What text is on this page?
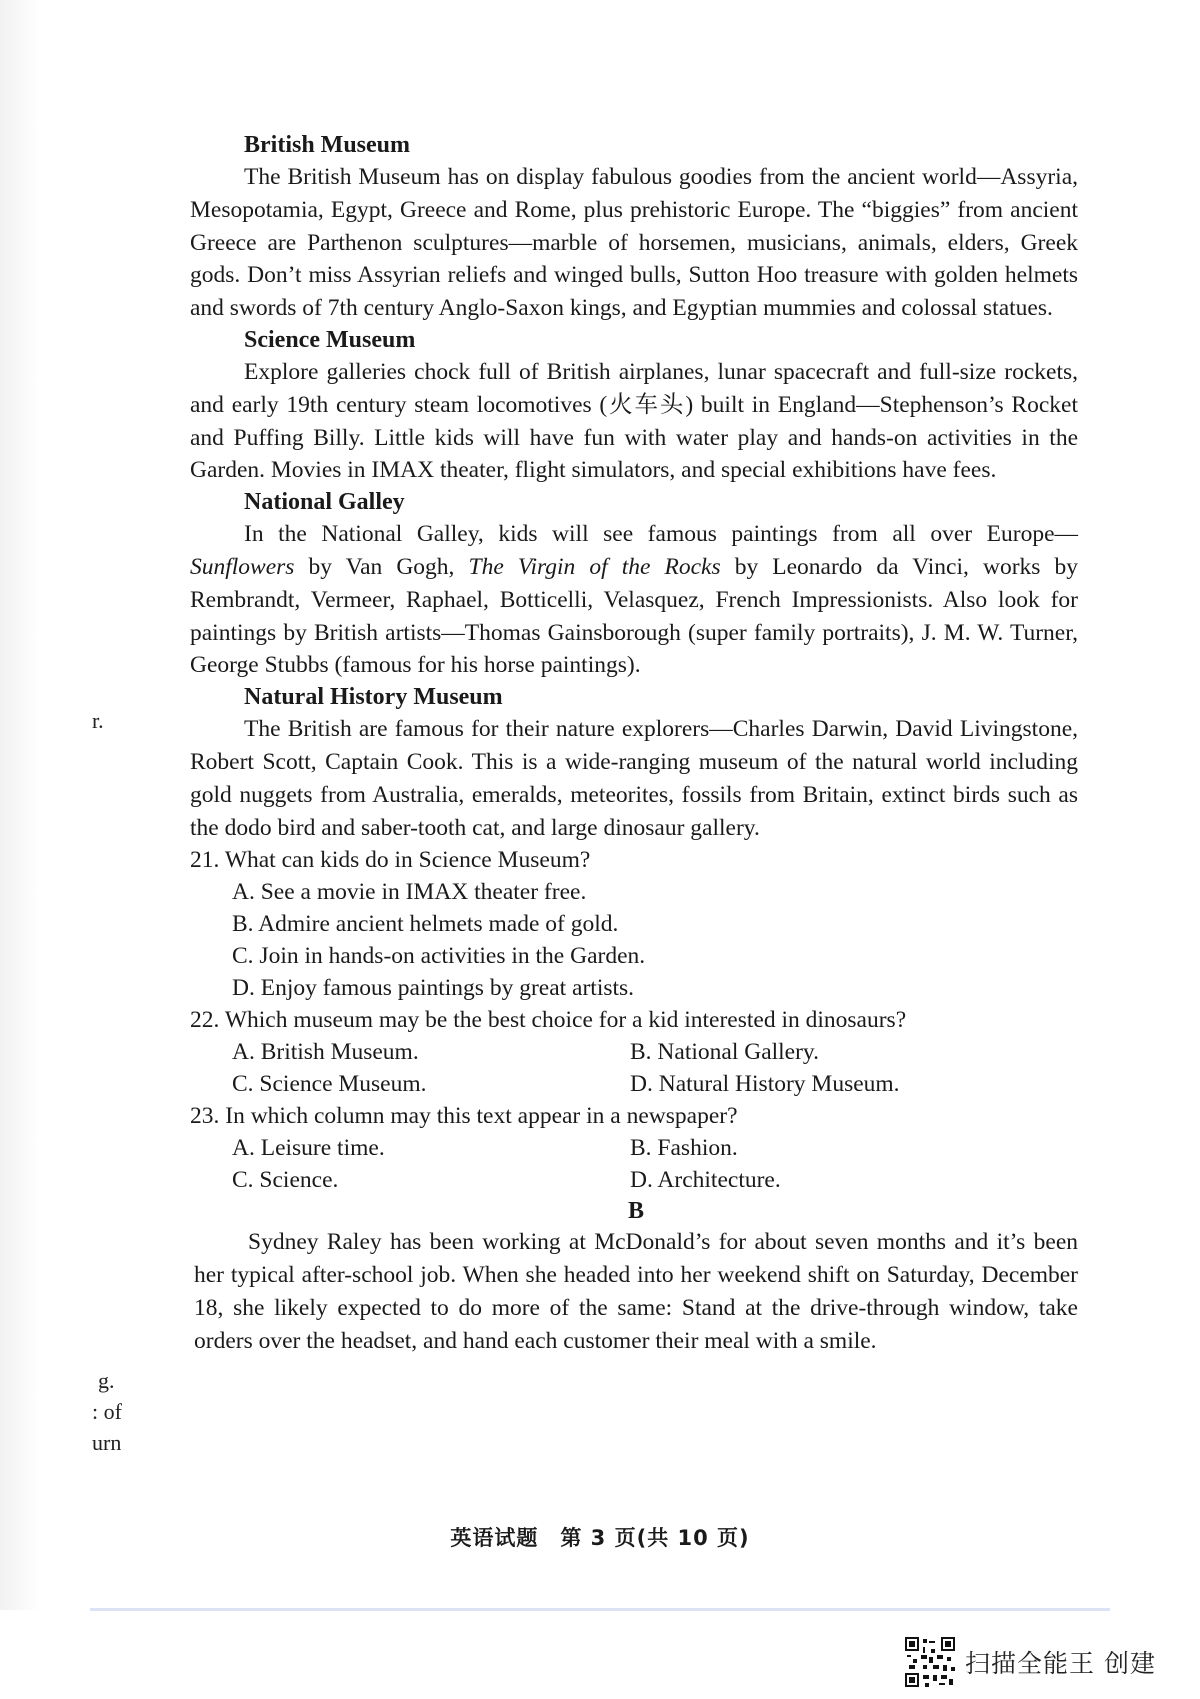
British Museum

The British Museum has on display fabulous goodies from the ancient world—Assyria, Mesopotamia, Egypt, Greece and Rome, plus prehistoric Europe. The “biggies” from ancient Greece are Parthenon sculptures—marble of horsemen, musicians, animals, elders, Greek gods. Don’t miss Assyrian reliefs and winged bulls, Sutton Hoo treasure with golden helmets and swords of 7th century Anglo-Saxon kings, and Egyptian mummies and colossal statues.

Science Museum

Explore galleries chock full of British airplanes, lunar spacecraft and full-size rockets, and early 19th century steam locomotives (火车头) built in England—Stephenson’s Rocket and Puffing Billy. Little kids will have fun with water play and hands-on activities in the Garden. Movies in IMAX theater, flight simulators, and special exhibitions have fees.

National Galley

In the National Galley, kids will see famous paintings from all over Europe—Sunflowers by Van Gogh, The Virgin of the Rocks by Leonardo da Vinci, works by Rembrandt, Vermeer, Raphael, Botticelli, Velasquez, French Impressionists. Also look for paintings by British artists—Thomas Gainsborough (super family portraits), J. M. W. Turner, George Stubbs (famous for his horse paintings).

Natural History Museum

The British are famous for their nature explorers—Charles Darwin, David Livingstone, Robert Scott, Captain Cook. This is a wide-ranging museum of the natural world including gold nuggets from Australia, emeralds, meteorites, fossils from Britain, extinct birds such as the dodo bird and saber-tooth cat, and large dinosaur gallery.

21. What can kids do in Science Museum?

A. See a movie in IMAX theater free.
B. Admire ancient helmets made of gold.
C. Join in hands-on activities in the Garden.
D. Enjoy famous paintings by great artists.

22. Which museum may be the best choice for a kid interested in dinosaurs?

A. British Museum.	B. National Gallery.
C. Science Museum.	D. Natural History Museum.

23. In which column may this text appear in a newspaper?

A. Leisure time.	B. Fashion.
C. Science.	D. Architecture.
B

Sydney Raley has been working at McDonald’s for about seven months and it’s been her typical after-school job. When she headed into her weekend shift on Saturday, December 18, she likely expected to do more of the same: Stand at the drive-through window, take orders over the headset, and hand each customer their meal with a smile.

r.
g.
: of
urn
英语试题　第 3 页(共 10 页)
扫描全能王 创建
